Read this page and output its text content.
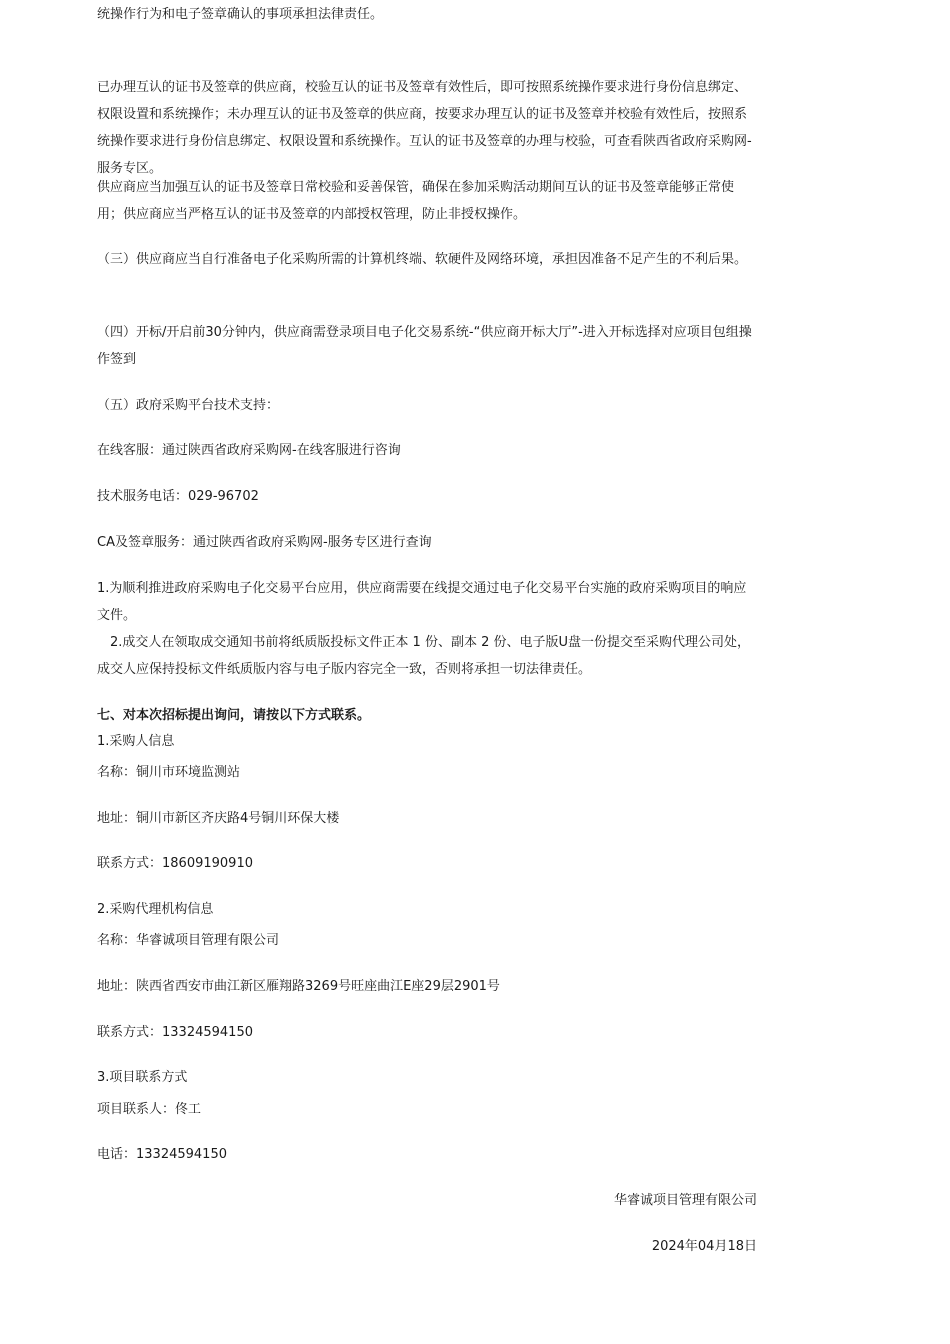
统操作行为和电子签章确认的事项承担法律责任。

已办理互认的证书及签章的供应商，校验互认的证书及签章有效性后，即可按照系统操作要求进行身份信息绑定、权限设置和系统操作；未办理互认的证书及签章的供应商，按要求办理互认的证书及签章并校验有效性后，按照系统操作要求进行身份信息绑定、权限设置和系统操作。互认的证书及签章的办理与校验，可查看陕西省政府采购网-服务专区。

供应商应当加强互认的证书及签章日常校验和妥善保管，确保在参加采购活动期间互认的证书及签章能够正常使用；供应商应当严格互认的证书及签章的内部授权管理，防止非授权操作。

（三）供应商应当自行准备电子化采购所需的计算机终端、软硬件及网络环境，承担因准备不足产生的不利后果。

（四）开标/开启前30分钟内，供应商需登录项目电子化交易系统-“供应商开标大厅”-进入开标选择对应项目包组操作签到

（五）政府采购平台技术支持：

在线客服：通过陕西省政府采购网-在线客服进行咨询

技术服务电话：029-96702

CA及签章服务：通过陕西省政府采购网-服务专区进行查询

1.为顺利推进政府采购电子化交易平台应用，供应商需要在线提交通过电子化交易平台实施的政府采购项目的响应文件。

　2.成交人在领取成交通知书前将纸质版投标文件正本 1 份、副本 2 份、电子版U盘一份提交至采购代理公司处，成交人应保持投标文件纸质版内容与电子版内容完全一致，否则将承担一切法律责任。

七、对本次招标提出询问，请按以下方式联系。

1.采购人信息

名称：铜川市环境监测站

地址：铜川市新区齐庆路4号铜川环保大楼

联系方式：18609190910

2.采购代理机构信息

名称：华睿诚项目管理有限公司

地址：陕西省西安市曲江新区雁翔路3269号旺座曲江E座29层2901号

联系方式：13324594150

3.项目联系方式

项目联系人：佟工

电话：13324594150

华睿诚项目管理有限公司

2024年04月18日
